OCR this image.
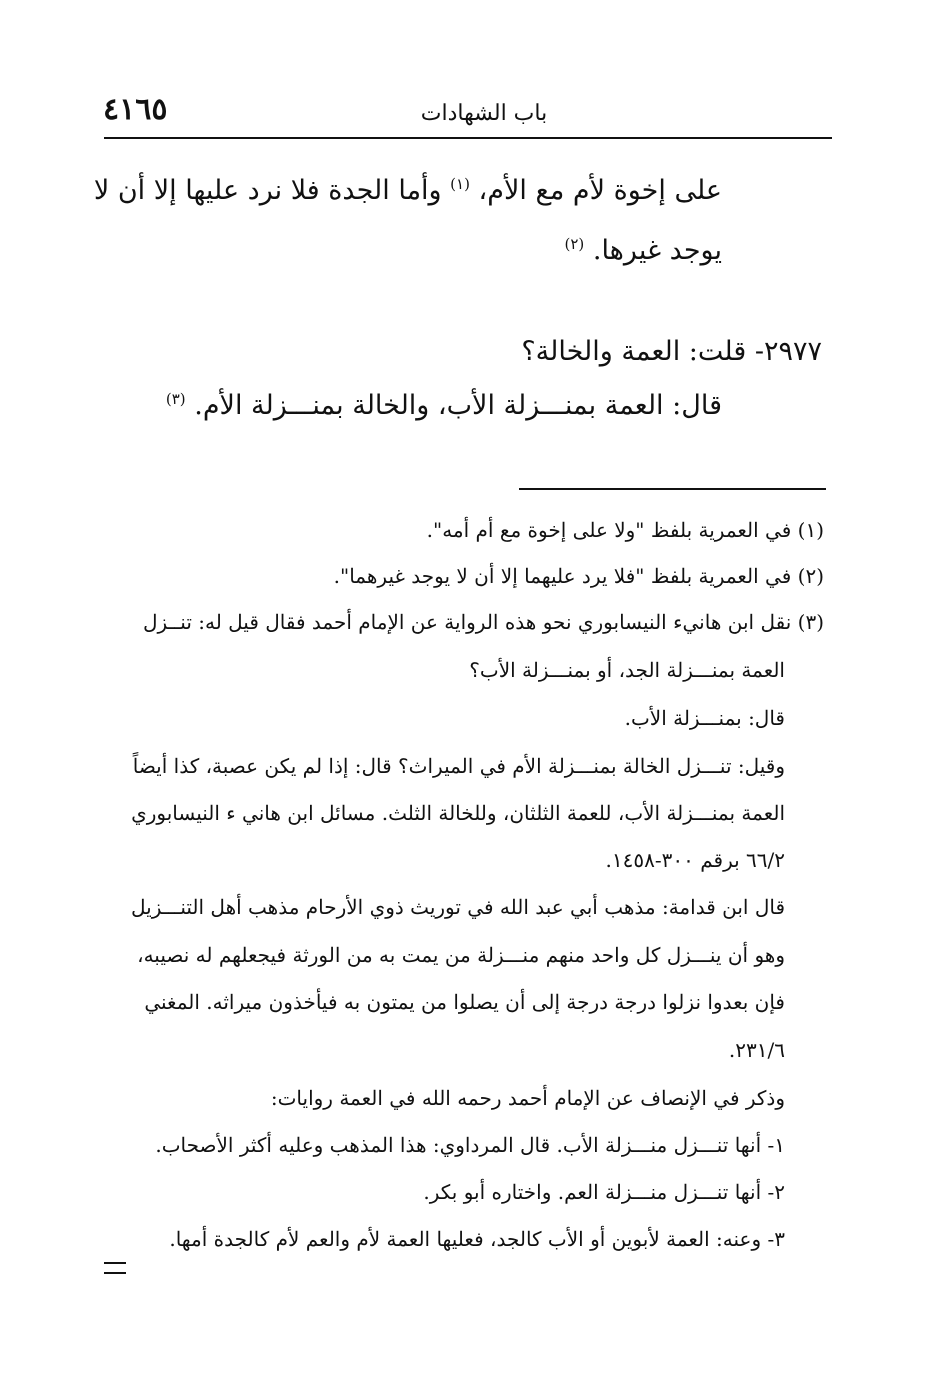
باب الشهادات
٤١٦٥
على إخوة لأم مع الأم، $^{(١)}$ وأما الجدة فلا نرد عليها إلا أن لا
يوجد غيرها. $^{(٢)}$
٢٩٧٧- قلت: العمة والخالة؟
قال: العمة بمنـــزلة الأب، والخالة بمنـــزلة الأم. $^{(٣)}$
(١) في العمرية بلفظ "ولا على إخوة مع أم أمه".
(٢) في العمرية بلفظ "فلا يرد عليهما إلا أن لا يوجد غيرهما".
(٣) نقل ابن هانيء النيسابوري نحو هذه الرواية عن الإمام أحمد فقال قيل له: تنــزل
العمة بمنـــزلة الجد، أو بمنـــزلة الأب؟
قال: بمنـــزلة الأب.
وقيل: تنـــزل الخالة بمنـــزلة الأم في الميراث؟ قال: إذا لم يكن عصبة، كذا أيضاً
العمة بمنـــزلة الأب، للعمة الثلثان، وللخالة الثلث. مسائل ابن هاني ء النيسابوري
٦٦/٢ برقم ٣٠٠-١٤٥٨.
قال ابن قدامة: مذهب أبي عبد الله في توريث ذوي الأرحام مذهب أهل التنـــزيل
وهو أن ينـــزل كل واحد منهم منـــزلة من يمت به من الورثة فيجعلهم له نصيبه،
فإن بعدوا نزلوا درجة درجة إلى أن يصلوا من يمتون به فيأخذون ميراثه. المغني
٢٣١/٦.
وذكر في الإنصاف عن الإمام أحمد رحمه الله في العمة روايات:
١- أنها تنـــزل منـــزلة الأب. قال المرداوي: هذا المذهب وعليه أكثر الأصحاب.
٢- أنها تنـــزل منـــزلة العم. واختاره أبو بكر.
٣- وعنه: العمة لأبوين أو الأب كالجد، فعليها العمة لأم والعم لأم كالجدة أمها.
